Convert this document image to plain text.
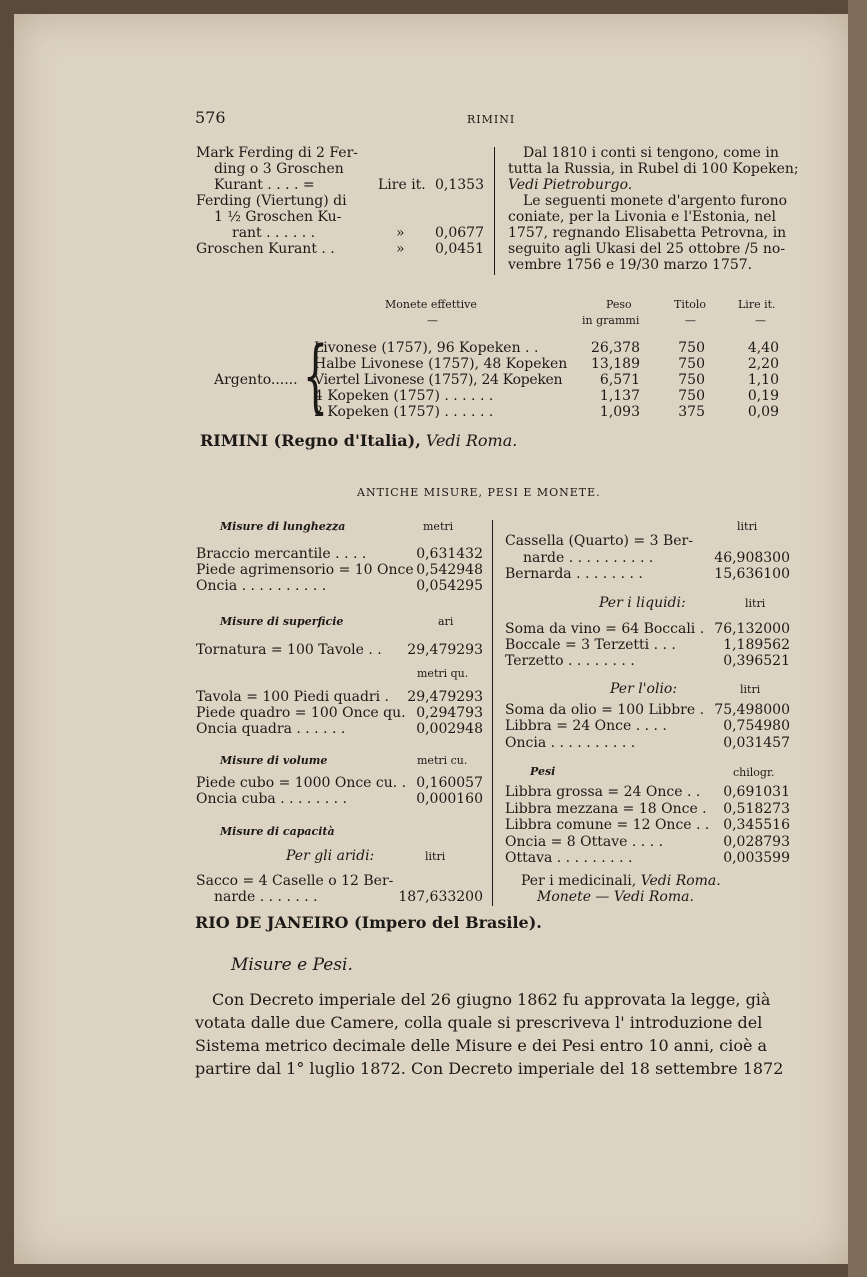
576	RIMINI
Mark Ferding di 2 Fer-
ding o 3 Groschen
Kurant . . . . =	Lire it. 0,1353
Ferding (Viertung) di
1 ½ Groschen Ku-
rant . . . . . .	» 0,0677
Groschen Kurant . .	» 0,0451
Dal 1810 i conti si tengono, come in
tutta la Russia, in Rubel di 100 Kopeken;
Vedi Pietroburgo.
Le seguenti monete d'argento furono
coniate, per la Livonia e l'Estonia, nel
1757, regnando Elisabetta Petrovna, in
seguito agli Ukasi del 25 ottobre /5 no-
vembre 1756 e 19/30 marzo 1757.
Monete effettive	Peso	Titolo	Lire it.
—	in grammi	—	—
Argento...... {
Livonese (1757), 96 Kopeken . .	26,378	750	4,40
Halbe Livonese (1757), 48 Kopeken 13,189	750	2,20
Viertel Livonese (1757), 24 Kopeken	6,571	750	1,10
4 Kopeken (1757) . . . . . .	1,137	750	0,19
2 Kopeken (1757) . . . . . .	1,093	375	0,09
RIMINI (Regno d'Italia), Vedi Roma.
ANTICHE MISURE, PESI E MONETE.
Misure di lunghezza	metri
Braccio mercantile . . . .	0,631432
Piede agrimensorio = 10 Once 0,542948
Oncia . . . . . . . . . .	0,054295
Misure di superficie	ari
Tornatura = 100 Tavole . . 29,479293
metri qu.
Tavola = 100 Piedi quadri . 29,479293
Piede quadro = 100 Once qu. 0,294793
Oncia quadra . . . . . .	0,002948
Misure di volume	metri cu.
Piede cubo = 1000 Once cu. . 0,160057
Oncia cuba . . . . . . . .	0,000160
Misure di capacità
Per gli aridi:	litri
Sacco = 4 Caselle o 12 Ber-
narde . . . . . . .	187,633200
litri
Cassella (Quarto) = 3 Ber-
narde . . . . . . . . . .	46,908300
Bernarda . . . . . . . .	15,636100
Per i liquidi:	litri
Soma da vino = 64 Boccali . 76,132000
Boccale = 3 Terzetti . . .	1,189562
Terzetto . . . . . . . .	0,396521
Per l'olio:	litri
Soma da olio = 100 Libbre . 75,498000
Libbra = 24 Once . . . .	0,754980
Oncia . . . . . . . . . .	0,031457
Pesi	chilogr.
Libbra grossa = 24 Once . . 0,691031
Libbra mezzana = 18 Once . 0,518273
Libbra comune = 12 Once . . 0,345516
Oncia = 8 Ottave . . . .	0,028793
Ottava . . . . . . . . .	0,003599
Per i medicinali, Vedi Roma.
Monete — Vedi Roma.
RIO DE JANEIRO (Impero del Brasile).
Misure e Pesi.
Con Decreto imperiale del 26 giugno 1862 fu approvata la legge, già
votata dalle due Camere, colla quale si prescriveva l' introduzione del
Sistema metrico decimale delle Misure e dei Pesi entro 10 anni, cioè a
partire dal 1° luglio 1872. Con Decreto imperiale del 18 settembre 1872
